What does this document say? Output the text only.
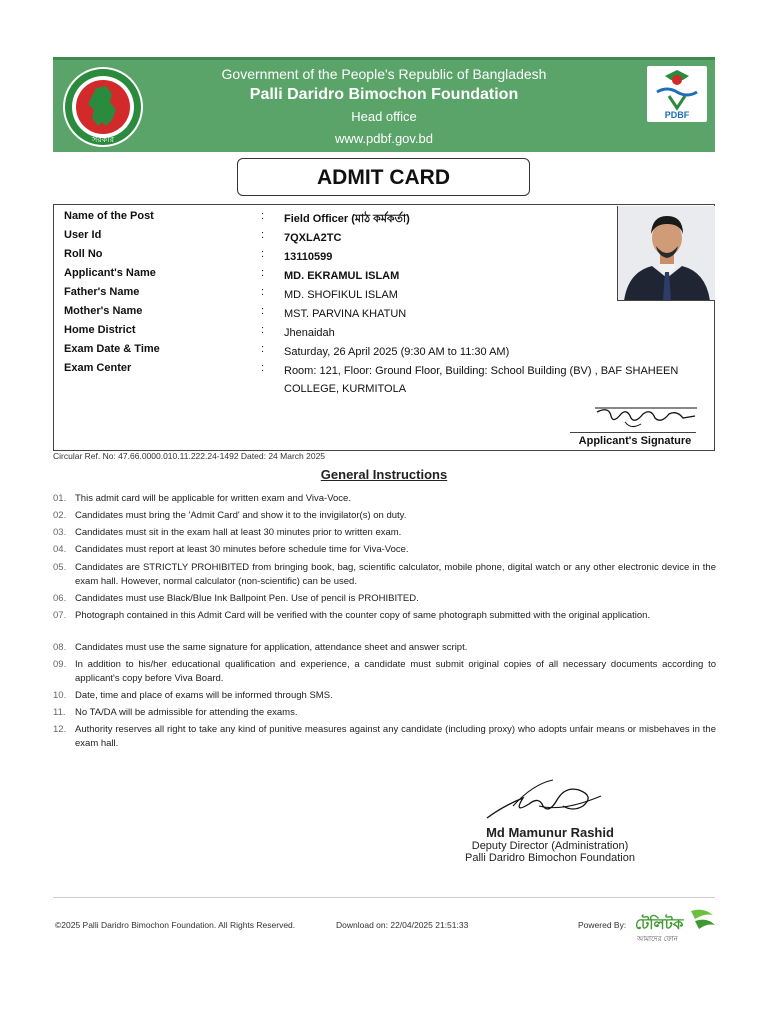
সরকার
Government of the People's Republic of Bangladesh
Palli Daridro Bimochon Foundation
Head office
www.pdbf.gov.bd
PDBF
ADMIT CARD
Name of the Post	:	Field Officer (মাঠ কর্মকর্তা)
User Id	:	7QXLA2TC
Roll No	:	13110599
Applicant's Name	:	MD. EKRAMUL ISLAM
Father's Name	:	MD. SHOFIKUL ISLAM
Mother's Name	:	MST. PARVINA KHATUN
Home District	:	Jhenaidah
Exam Date & Time	:	Saturday, 26 April 2025 (9:30 AM to 11:30 AM)
Exam Center	:	Room: 121, Floor: Ground Floor, Building: School Building (BV) , BAF SHAHEEN COLLEGE, KURMITOLA
Applicant's Signature
Circular Ref. No: 47.66.0000.010.11.222.24-1492 Dated: 24 March 2025
General Instructions
01. This admit card will be applicable for written exam and Viva-Voce.
02. Candidates must bring the 'Admit Card' and show it to the invigilator(s) on duty.
03. Candidates must sit in the exam hall at least 30 minutes prior to written exam.
04. Candidates must report at least 30 minutes before schedule time for Viva-Voce.
05. Candidates are STRICTLY PROHIBITED from bringing book, bag, scientific calculator, mobile phone, digital watch or any other electronic device in the exam hall. However, normal calculator (non-scientific) can be used.
06. Candidates must use Black/Blue Ink Ballpoint Pen. Use of pencil is PROHIBITED.
07. Photograph contained in this Admit Card will be verified with the counter copy of same photograph submitted with the original application.
08. Candidates must use the same signature for application, attendance sheet and answer script.
09. In addition to his/her educational qualification and experience, a candidate must submit original copies of all necessary documents according to applicant's copy before Viva Board.
10. Date, time and place of exams will be informed through SMS.
11. No TA/DA will be admissible for attending the exams.
12. Authority reserves all right to take any kind of punitive measures against any candidate (including proxy) who adopts unfair means or misbehaves in the exam hall.
Md Mamunur Rashid
Deputy Director (Administration)
Palli Daridro Bimochon Foundation
©2025 Palli Daridro Bimochon Foundation. All Rights Reserved.	Download on: 22/04/2025 21:51:33	Powered By: টেলিটক
আমাদের ফোন
